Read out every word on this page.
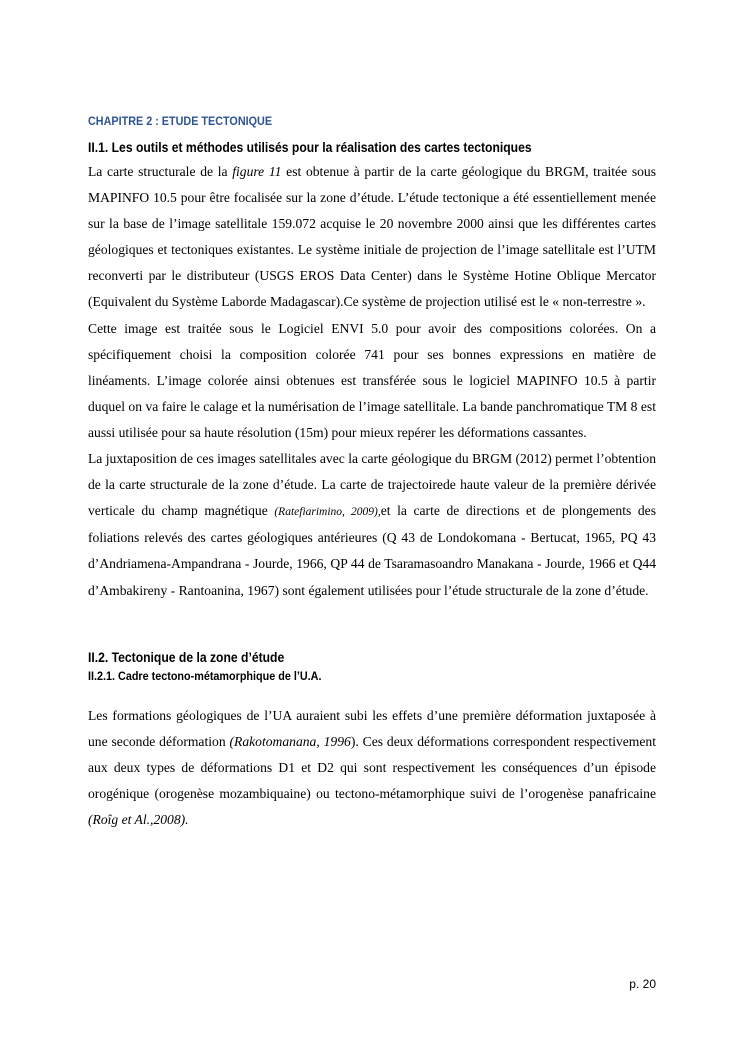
CHAPITRE 2 : ETUDE TECTONIQUE
II.1. Les outils et méthodes utilisés pour la réalisation des cartes tectoniques

La carte structurale de la figure 11 est obtenue à partir de la carte géologique du BRGM, traitée sous MAPINFO 10.5 pour être focalisée sur la zone d’étude. L’étude tectonique a été essentiellement menée sur la base de l’image satellitale 159.072 acquise le 20 novembre 2000 ainsi que les différentes cartes géologiques et tectoniques existantes. Le système initiale de projection de l’image satellitale est l’UTM reconverti par le distributeur (USGS EROS Data Center) dans le Système Hotine Oblique Mercator (Equivalent du Système Laborde Madagascar).Ce système de projection utilisé est le « non-terrestre ».

Cette image est traitée sous le Logiciel ENVI 5.0 pour avoir des compositions colorées. On a spécifiquement choisi la composition colorée 741 pour ses bonnes expressions en matière de linéaments. L’image colorée ainsi obtenues est transférée sous le logiciel MAPINFO 10.5 à partir duquel on va faire le calage et la numérisation de l’image satellitale. La bande panchromatique TM 8 est aussi utilisée pour sa haute résolution (15m) pour mieux repérer les déformations cassantes.

La juxtaposition de ces images satellitales avec la carte géologique du BRGM (2012) permet l’obtention de la carte structurale de la zone d’étude. La carte de trajectoirede haute valeur de la première dérivée verticale du champ magnétique (Ratefiarimino, 2009),et la carte de directions et de plongements des foliations relevés des cartes géologiques antérieures (Q 43 de Londokomana - Bertucat, 1965, PQ 43 d’Andriamena-Ampandrana - Jourde, 1966, QP 44 de Tsaramasoandro Manakana - Jourde, 1966 et Q44 d’Ambakireny - Rantoanina, 1967) sont également utilisées pour l’étude structurale de la zone d’étude.

II.2. Tectonique de la zone d’étude
II.2.1. Cadre tectono-métamorphique de l’U.A.

Les formations géologiques de l’UA auraient subi les effets d’une première déformation juxtaposée à une seconde déformation (Rakotomanana, 1996). Ces deux déformations correspondent respectivement aux deux types de déformations D1 et D2 qui sont respectivement les conséquences d’un épisode orogénique (orogenèse mozambiquaine) ou tectono-métamorphique suivi de l’orogenèse panafricaine (Roîg et Al.,2008).

p. 20
